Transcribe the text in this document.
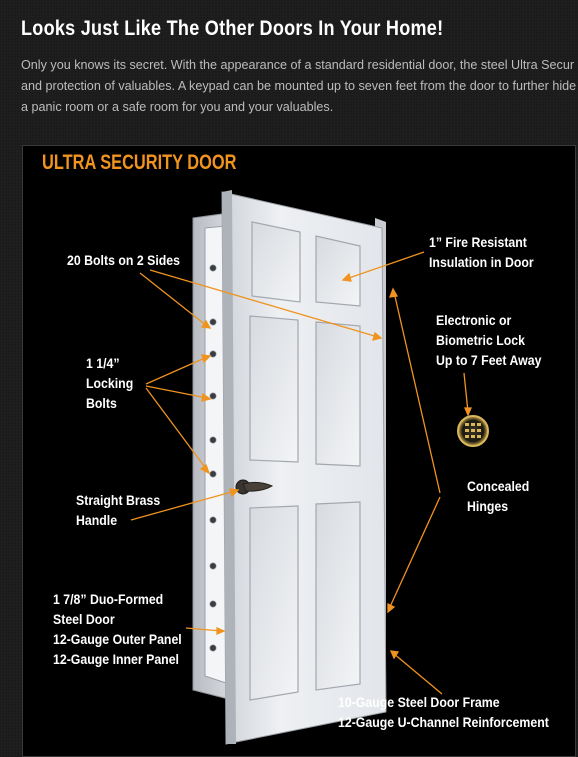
Looks Just Like The Other Doors In Your Home!

Only you knows its secret. With the appearance of a standard residential door, the steel Ultra Secur
and protection of valuables. A keypad can be mounted up to seven feet from the door to further hide
a panic room or a safe room for you and your valuables.

ULTRA SECURITY DOOR
20 Bolts on 2 Sides
1 1/4”
Locking
Bolts
Straight Brass
Handle
1 7/8” Duo-Formed
Steel Door
12-Gauge Outer Panel
12-Gauge Inner Panel
1” Fire Resistant
Insulation in Door
Electronic or
Biometric Lock
Up to 7 Feet Away
Concealed
Hinges
10-Gauge Steel Door Frame
12-Gauge U-Channel Reinforcement
